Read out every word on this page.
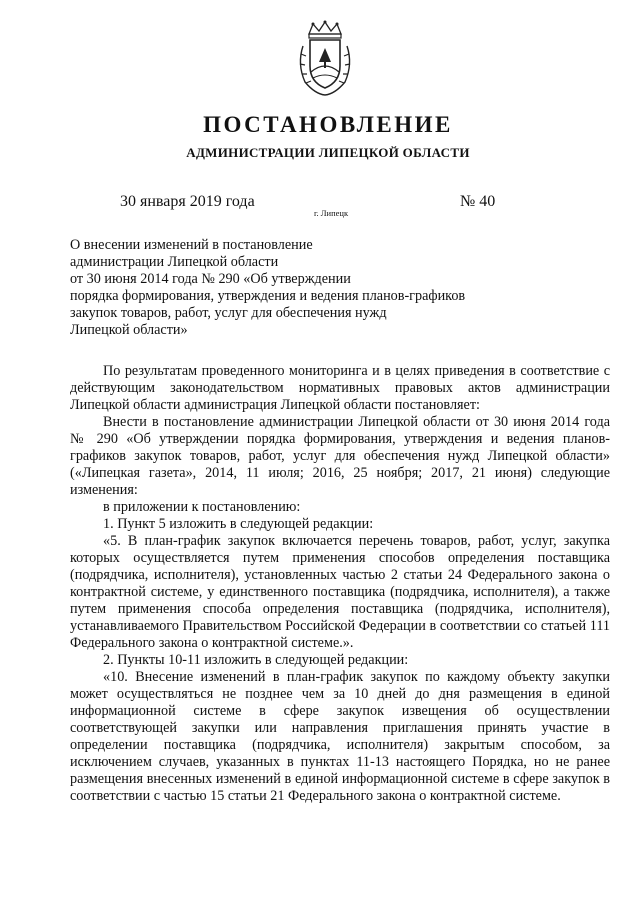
ПОСТАНОВЛЕНИЕ
АДМИНИСТРАЦИИ ЛИПЕЦКОЙ ОБЛАСТИ
30 января 2019 года
г. Липецк
№ 40
О внесении изменений в постановление
администрации Липецкой области
от 30 июня 2014 года № 290 «Об утверждении
порядка формирования, утверждения и ведения планов-графиков
закупок товаров, работ, услуг для обеспечения нужд
Липецкой области»

По результатам проведенного мониторинга и в целях приведения в соответствие с действующим законодательством нормативных правовых актов администрации Липецкой области администрация Липецкой области постановляет:

Внести в постановление администрации Липецкой области от 30 июня 2014 года № 290 «Об утверждении порядка формирования, утверждения и ведения планов-графиков закупок товаров, работ, услуг для обеспечения нужд Липецкой области» («Липецкая газета», 2014, 11 июля; 2016, 25 ноября; 2017, 21 июня) следующие изменения:

в приложении к постановлению:

1. Пункт 5 изложить в следующей редакции:

«5. В план-график закупок включается перечень товаров, работ, услуг, закупка которых осуществляется путем применения способов определения поставщика (подрядчика, исполнителя), установленных частью 2 статьи 24 Федерального закона о контрактной системе, у единственного поставщика (подрядчика, исполнителя), а также путем применения способа определения поставщика (подрядчика, исполнителя), устанавливаемого Правительством Российской Федерации в соответствии со статьей 111 Федерального закона о контрактной системе.».

2. Пункты 10-11 изложить в следующей редакции:

«10. Внесение изменений в план-график закупок по каждому объекту закупки может осуществляться не позднее чем за 10 дней до дня размещения в единой информационной системе в сфере закупок извещения об осуществлении соответствующей закупки или направления приглашения принять участие в определении поставщика (подрядчика, исполнителя) закрытым способом, за исключением случаев, указанных в пунктах 11-13 настоящего Порядка, но не ранее размещения внесенных изменений в единой информационной системе в сфере закупок в соответствии с частью 15 статьи 21 Федерального закона о контрактной системе.
